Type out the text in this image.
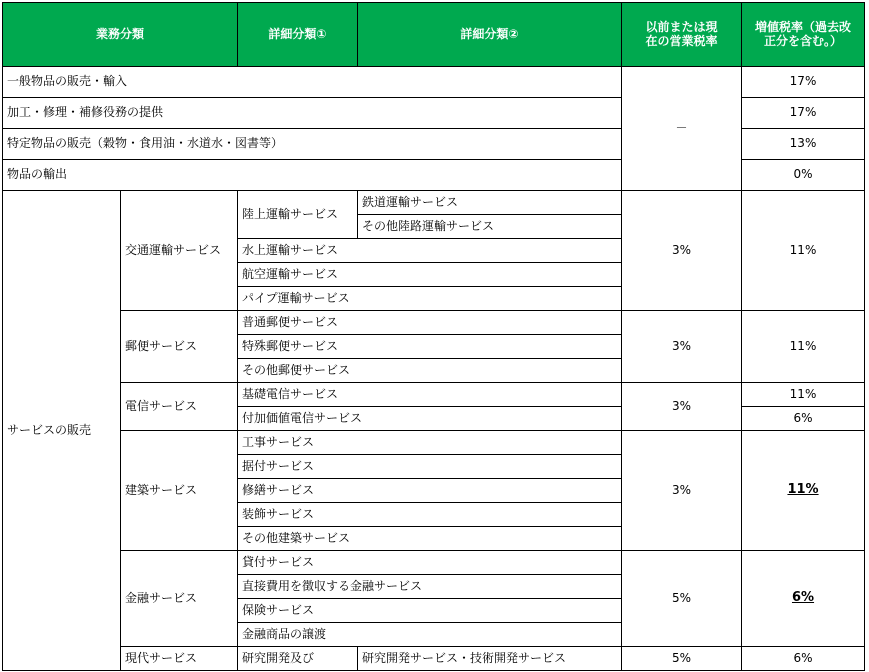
業務分類		詳細分類①	詳細分類②	以前または現在の営業税率	増値税率（過去改正分を含む。）
一般物品の販売・輸入				－	17%
加工・修理・補修役務の提供					17%
特定物品の販売（穀物・食用油・水道水・図書等）					13%
物品の輸出					0%
サービスの販売	交通運輸サービス	陸上運輸サービス	鉄道運輸サービス	3%	11%
			その他陸路運輸サービス		
		水上運輸サービス			
		航空運輸サービス			
		パイプ運輸サービス			
	郵便サービス	普通郵便サービス		3%	11%
		特殊郵便サービス			
		その他郵便サービス			
	電信サービス	基礎電信サービス		3%	11%
		付加価値電信サービス			6%
	建築サービス	工事サービス		3%	11%
		据付サービス			
		修繕サービス			
		装飾サービス			
		その他建築サービス			
	金融サービス	貸付サービス		5%	6%
		直接費用を徴収する金融サービス			
		保険サービス			
		金融商品の譲渡			
	現代サービス	研究開発及び	研究開発サービス・技術開発サービス	5%	6%
